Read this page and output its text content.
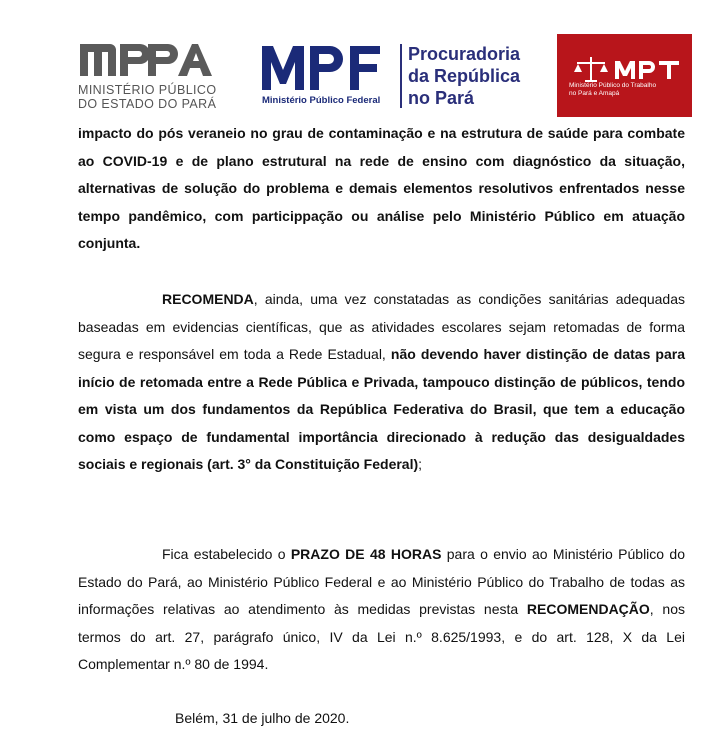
MINISTÉRIO PÚBLICO
DO ESTADO DO PARÁ	Ministério Público Federal
Procuradoria
da República
no Pará
Ministério Público do Trabalho
no Pará e Amapá

impacto do pós veraneio no grau de contaminação e na estrutura de saúde para combate ao COVID-19 e de plano estrutural na rede de ensino com diagnóstico da situação, alternativas de solução do problema e demais elementos resolutivos enfrentados nesse tempo pandêmico, com particippação ou análise pelo Ministério Público em atuação conjunta.

RECOMENDA, ainda, uma vez constatadas as condições sanitárias adequadas baseadas em evidencias científicas, que as atividades escolares sejam retomadas de forma segura e responsável em toda a Rede Estadual, não devendo haver distinção de datas para início de retomada entre a Rede Pública e Privada, tampouco distinção de públicos, tendo em vista um dos fundamentos da República Federativa do Brasil, que tem a educação como espaço de fundamental importância direcionado à redução das desigualdades sociais e regionais (art. 3° da Constituição Federal);

Fica estabelecido o PRAZO DE 48 HORAS para o envio ao Ministério Público do Estado do Pará, ao Ministério Público Federal e ao Ministério Público do Trabalho de todas as informações relativas ao atendimento às medidas previstas nesta RECOMENDAÇÃO, nos termos do art. 27, parágrafo único, IV da Lei n.º 8.625/1993, e do art. 128, X da Lei Complementar n.º 80 de 1994.

Belém, 31 de julho de 2020.
